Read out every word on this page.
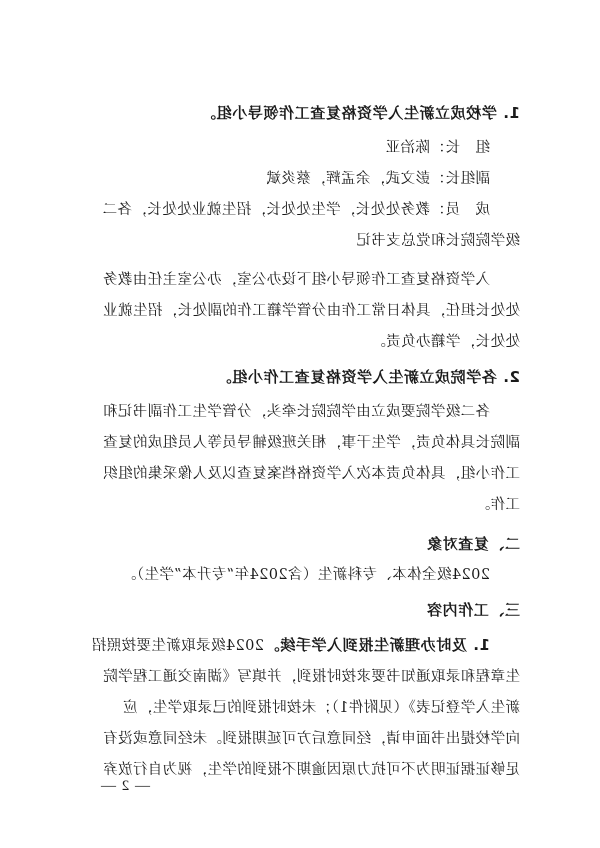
1. 学校成立新生入学资格复查工作领导小组。
组　长：陈治亚
副组长：彭文武，余孟辉，蔡炎斌
成　员：教务处处长，学生处处长，招生就业处处长，各二
级学院院长和党总支书记
入学资格复查工作领导小组下设办公室，办公室主任由教务
处处长担任，具体日常工作由分管学籍工作的副处长，招生就业
处处长，学籍办负责。
2. 各学院成立新生入学资格复查工作小组。
各二级学院要成立由学院院长牵头，分管学生工作副书记和
副院长具体负责，学生干事，相关班级辅导员等人员组成的复查
工作小组，具体负责本次入学资格档案复查以及人像采集的组织
工作。
二、复查对象
2024级全体本、专科新生（含2024年“专升本”学生）。
三、工作内容
1. 及时办理新生报到入学手续。2024级录取新生要按照招
生章程和录取通知书要求按时报到，并填写《湖南交通工程学院
新生入学登记表》（见附件1）；未按时报到的已录取学生，应
向学校提出书面申请，经同意后方可延期报到。未经同意或没有
足够证据证明为不可抗力原因逾期不报到的学生，视为自行放弃
— 2 —
